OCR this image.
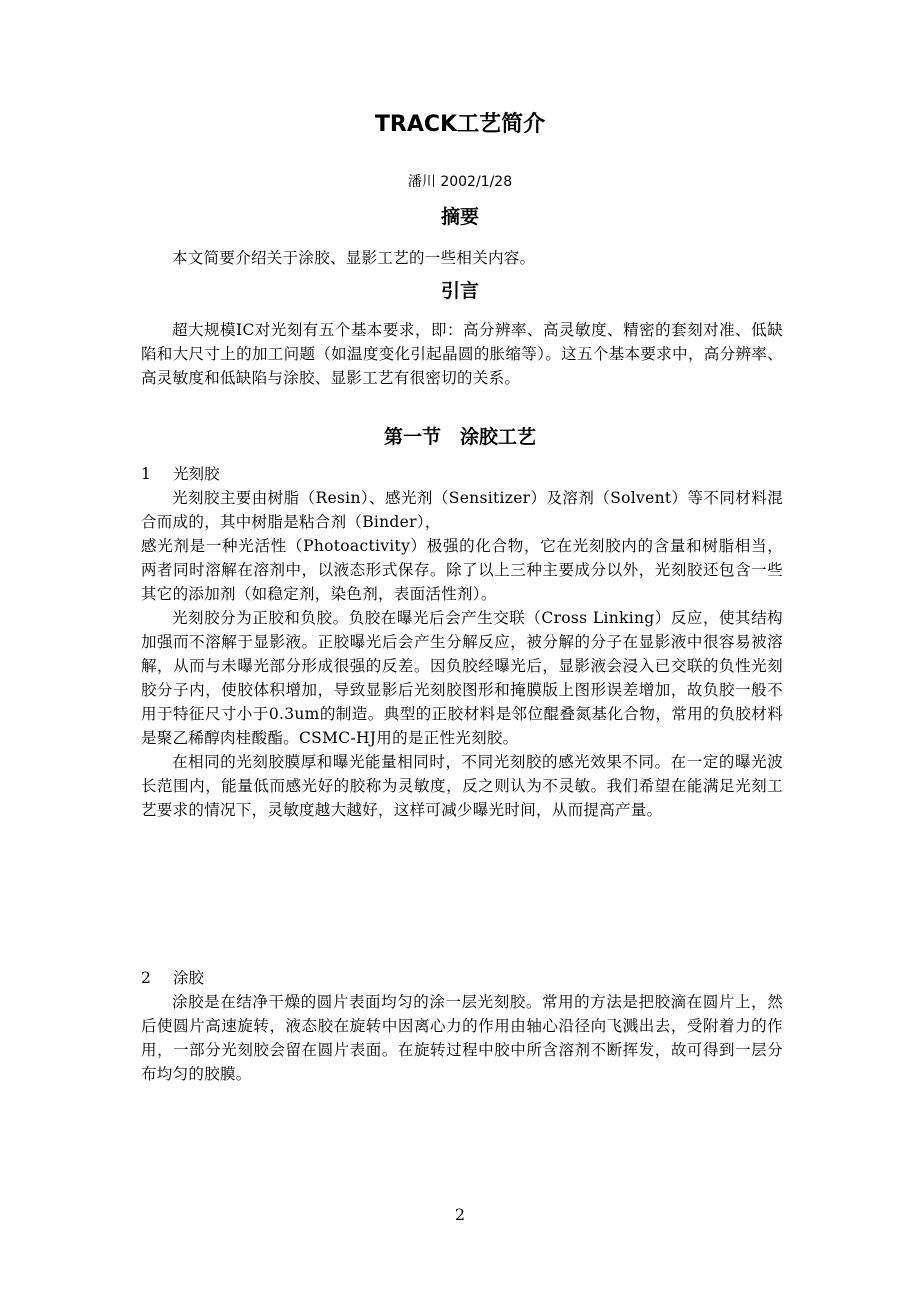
TRACK工艺简介
潘川 2002/1/28
摘要
本文简要介绍关于涂胶、显影工艺的一些相关内容。
引言
超大规模IC对光刻有五个基本要求，即：高分辨率、高灵敏度、精密的套刻对准、低缺陷和大尺寸上的加工问题（如温度变化引起晶圆的胀缩等）。这五个基本要求中，高分辨率、高灵敏度和低缺陷与涂胶、显影工艺有很密切的关系。
第一节　涂胶工艺
1 光刻胶

光刻胶主要由树脂（Resin）、感光剂（Sensitizer）及溶剂（Solvent）等不同材料混合而成的，其中树脂是粘合剂（Binder），

感光剂是一种光活性（Photoactivity）极强的化合物，它在光刻胶内的含量和树脂相当，两者同时溶解在溶剂中，以液态形式保存。除了以上三种主要成分以外，光刻胶还包含一些其它的添加剂（如稳定剂，染色剂，表面活性剂）。

光刻胶分为正胶和负胶。负胶在曝光后会产生交联（Cross Linking）反应，使其结构加强而不溶解于显影液。正胶曝光后会产生分解反应，被分解的分子在显影液中很容易被溶解，从而与未曝光部分形成很强的反差。因负胶经曝光后，显影液会浸入已交联的负性光刻胶分子内，使胶体积增加，导致显影后光刻胶图形和掩膜版上图形误差增加，故负胶一般不用于特征尺寸小于0.3um的制造。典型的正胶材料是邻位醌叠氮基化合物，常用的负胶材料是聚乙稀醇肉桂酸酯。CSMC-HJ用的是正性光刻胶。

在相同的光刻胶膜厚和曝光能量相同时，不同光刻胶的感光效果不同。在一定的曝光波长范围内，能量低而感光好的胶称为灵敏度，反之则认为不灵敏。我们希望在能满足光刻工艺要求的情况下，灵敏度越大越好，这样可减少曝光时间，从而提高产量。

2 涂胶

涂胶是在结净干燥的圆片表面均匀的涂一层光刻胶。常用的方法是把胶滴在圆片上，然后使圆片高速旋转，液态胶在旋转中因离心力的作用由轴心沿径向飞溅出去，受附着力的作用，一部分光刻胶会留在圆片表面。在旋转过程中胶中所含溶剂不断挥发，故可得到一层分布均匀的胶膜。

2
